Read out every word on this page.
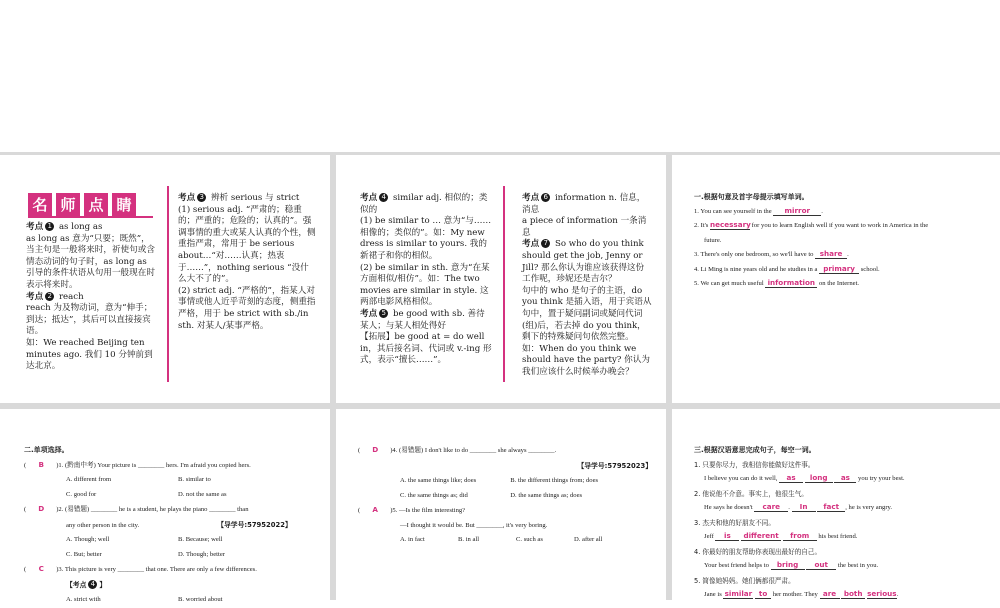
名 师 点 睛

考点 1 as long as

as long as 意为“只要；既然”，当主句是一般将来时，祈使句或含情态动词的句子时，as long as 引导的条件状语从句用一般现在时表示将来时。

考点 2 reach

reach 为及物动词，意为“伸手；到达；抵达”，其后可以直接接宾语。

如：We reached Beijing ten minutes ago. 我们 10 分钟前到达北京。

考点 3 辨析 serious 与 strict

(1) serious adj. “严肃的；稳重的；严重的；危险的；认真的”。强调事情的重大或某人认真的个性，侧重指严肃，常用于 be serious about…“对……认真；热衷于……”，nothing serious “没什么大不了的”。

(2) strict adj. “严格的”，指某人对事情或他人近乎苛刻的态度，侧重指严格，用于 be strict with sb./in sth. 对某人/某事严格。

考点 4 similar adj. 相似的；类似的

(1) be similar to … 意为“与……相像的；类似的”。如：My new dress is similar to yours. 我的新裙子和你的相似。

(2) be similar in sth. 意为“在某方面相似/相仿”。如：The two movies are similar in style. 这两部电影风格相似。

考点 5 be good with sb. 善待某人；与某人相处得好

【拓展】be good at = do well in，其后接名词、代词或 v.-ing 形式，表示“擅长……”。

考点 6 information n. 信息，消息

a piece of information 一条消息

考点 7 So who do you think should get the job, Jenny or Jill? 那么你认为谁应该获得这份工作呢，珍妮还是吉尔？

句中的 who 是句子的主语，do you think 是插入语，用于宾语从句中，置于疑问副词或疑问代词(组)后，若去掉 do you think，剩下的特殊疑问句依然完整。

如：When do you think we should have the party? 你认为我们应该什么时候举办晚会？

一.根据句意及首字母提示填写单词。

1. You can see yourself in the mirror .

2. It's necessary for you to learn English well if you want to work in America in the

future.

3. There's only one bedroom, so we'll have to share .

4. Li Ming is nine years old and he studies in a primary school.

5. We can get much useful information on the Internet.

二.单项选择。

( B )1. (黔南中考) Your picture is ________ hers. I'm afraid you copied hers.

A. different from	B. similar to

C. good for	D. not the same as

( D )2. (易错题) ________ he is a student, he plays the piano ________ than

any other person in the city.	【导学号:57952022】

A. Though; well	B. Because; well

C. But; better	D. Though; better

( C )3. This picture is very ________ that one. There are only a few differences.

【考点 4 】

A. strict with	B. worried about

( D )4. (易错题) I don't like to do ________ she always ________.

【导学号:57952023】

A. the same things like; does	B. the different things from; does

C. the same things as; did	D. the same things as; does

( A )5. —Is the film interesting?

—I thought it would be. But ________, it's very boring.

A. in fact	B. in all	C. such as	D. after all

三.根据汉语意思完成句子，每空一词。

1. 只要你尽力，我相信你能做好这件事。

I believe you can do it well, as long as you try your best.

2. 他说他不介意。事实上，他很生气。

He says he doesn't care . In fact , he is very angry.

3. 杰夫和他的好朋友不同。

Jeff is different from his best friend.

4. 你最好的朋友帮助你表现出最好的自己。

Your best friend helps to bring out the best in you.

5. 简像她妈妈。她们俩都很严肃。

Jane is similar to her mother. They are both serious.
